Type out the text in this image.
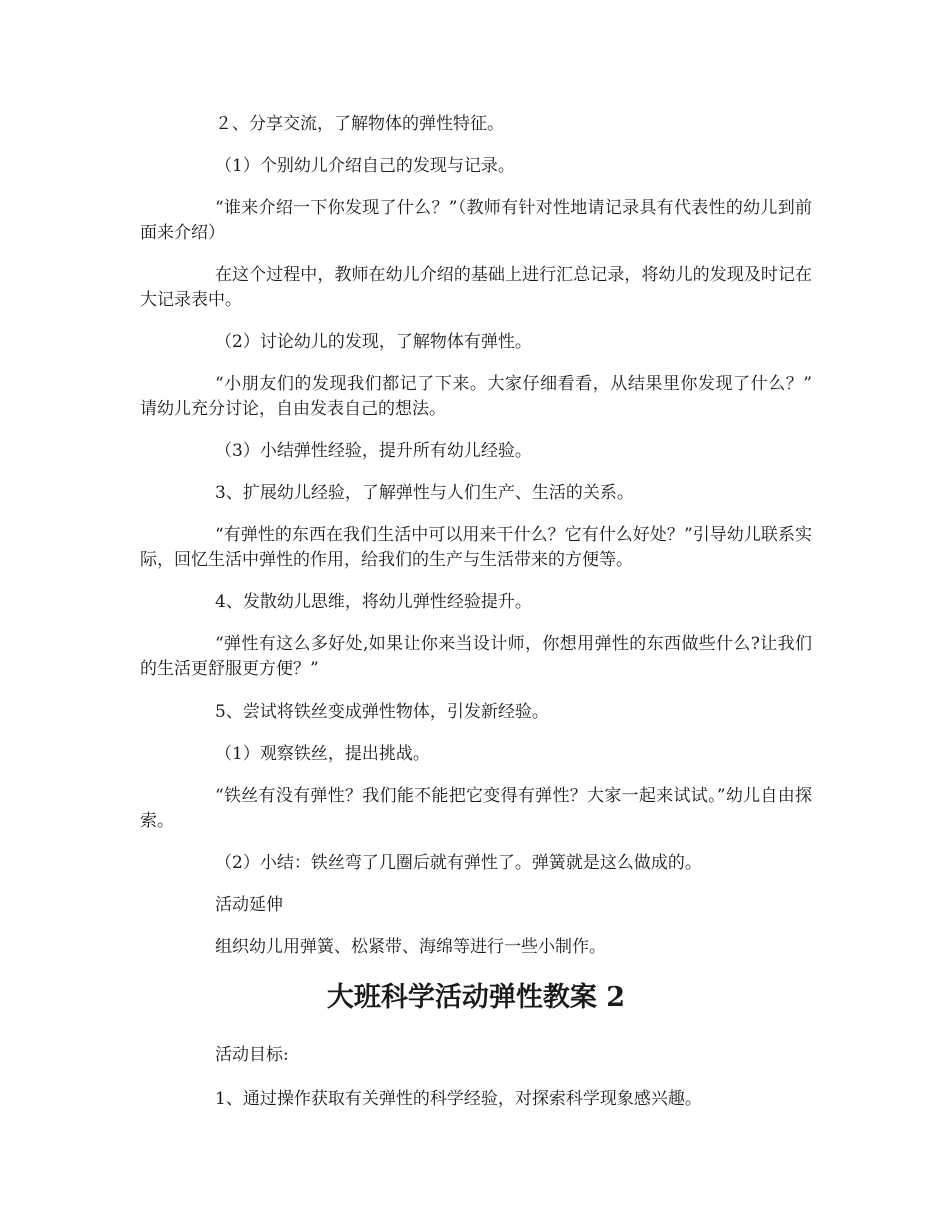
２、分享交流，了解物体的弹性特征。

（1）个别幼儿介绍自己的发现与记录。

“谁来介绍一下你发现了什么？”（教师有针对性地请记录具有代表性的幼儿到前面来介绍）

在这个过程中，教师在幼儿介绍的基础上进行汇总记录，将幼儿的发现及时记在大记录表中。

（2）讨论幼儿的发现，了解物体有弹性。

“小朋友们的发现我们都记了下来。大家仔细看看，从结果里你发现了什么？” 请幼儿充分讨论，自由发表自己的想法。

（3）小结弹性经验，提升所有幼儿经验。

3、扩展幼儿经验，了解弹性与人们生产、生活的关系。

“有弹性的东西在我们生活中可以用来干什么？它有什么好处？”引导幼儿联系实际，回忆生活中弹性的作用，给我们的生产与生活带来的方便等。

4、发散幼儿思维，将幼儿弹性经验提升。

“弹性有这么多好处,如果让你来当设计师，你想用弹性的东西做些什么?让我们的生活更舒服更方便？”

5、尝试将铁丝变成弹性物体，引发新经验。

（1）观察铁丝，提出挑战。

“铁丝有没有弹性？我们能不能把它变得有弹性？大家一起来试试。”幼儿自由探索。

（2）小结：铁丝弯了几圈后就有弹性了。弹簧就是这么做成的。

活动延伸

组织幼儿用弹簧、松紧带、海绵等进行一些小制作。

大班科学活动弹性教案 2

活动目标:

1、通过操作获取有关弹性的科学经验，对探索科学现象感兴趣。
